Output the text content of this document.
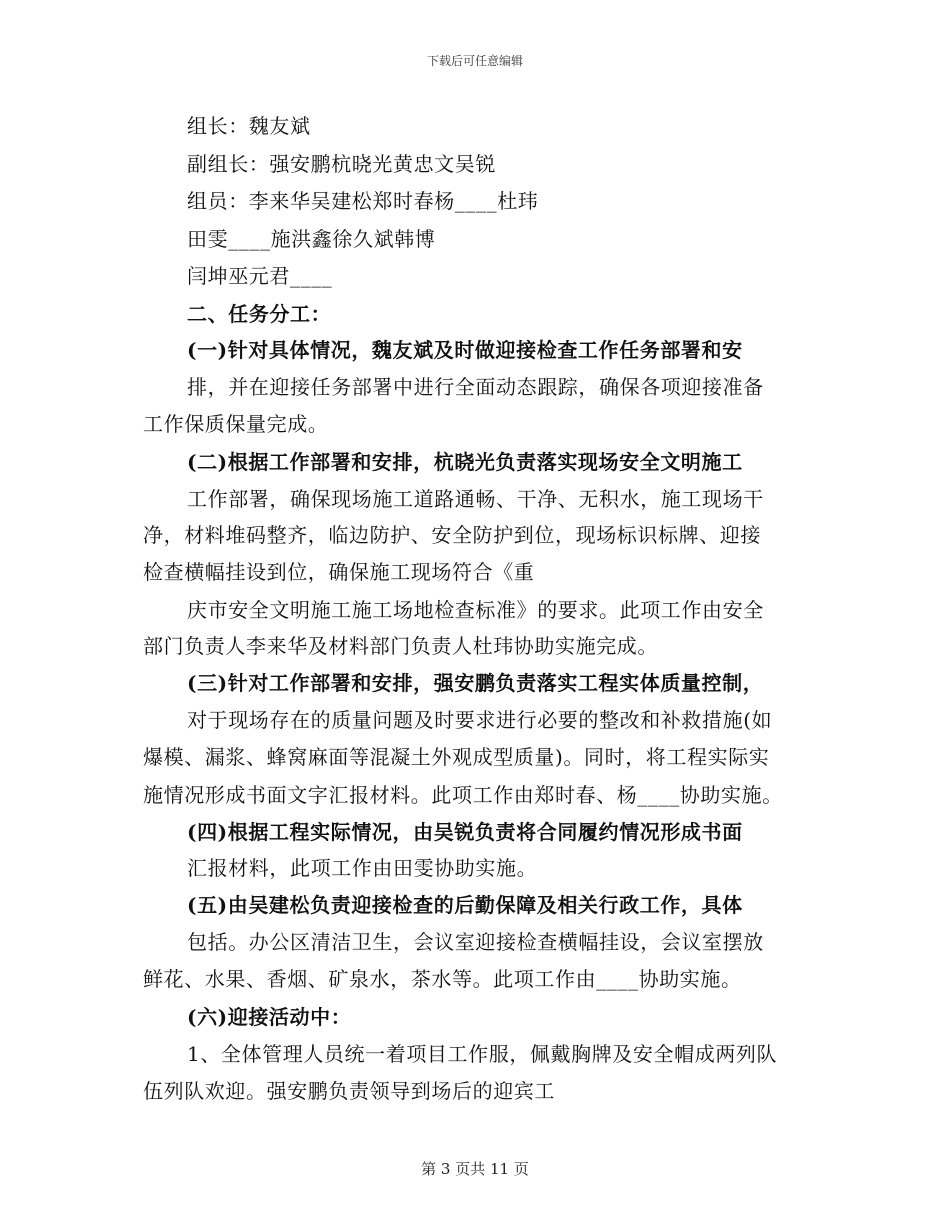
下载后可任意编辑
组长：魏友斌
副组长：强安鹏杭晓光黄忠文吴锐
组员：李来华吴建松郑时春杨____杜玮
田雯____施洪鑫徐久斌韩博
闫坤巫元君____
二、任务分工：
(一)针对具体情况，魏友斌及时做迎接检查工作任务部署和安
排，并在迎接任务部署中进行全面动态跟踪，确保各项迎接准备
工作保质保量完成。
(二)根据工作部署和安排，杭晓光负责落实现场安全文明施工
工作部署，确保现场施工道路通畅、干净、无积水，施工现场干
净，材料堆码整齐，临边防护、安全防护到位，现场标识标牌、迎接
检查横幅挂设到位，确保施工现场符合《重
庆市安全文明施工施工场地检查标准》的要求。此项工作由安全
部门负责人李来华及材料部门负责人杜玮协助实施完成。
(三)针对工作部署和安排，强安鹏负责落实工程实体质量控制，
对于现场存在的质量问题及时要求进行必要的整改和补救措施(如
爆模、漏浆、蜂窝麻面等混凝土外观成型质量)。同时，将工程实际实
施情况形成书面文字汇报材料。此项工作由郑时春、杨____协助实施。
(四)根据工程实际情况，由吴锐负责将合同履约情况形成书面
汇报材料，此项工作由田雯协助实施。
(五)由吴建松负责迎接检查的后勤保障及相关行政工作，具体
包括。办公区清洁卫生，会议室迎接检查横幅挂设，会议室摆放
鲜花、水果、香烟、矿泉水，茶水等。此项工作由____协助实施。
(六)迎接活动中：
1、全体管理人员统一着项目工作服，佩戴胸牌及安全帽成两列队
伍列队欢迎。强安鹏负责领导到场后的迎宾工
第 3 页共 11 页
